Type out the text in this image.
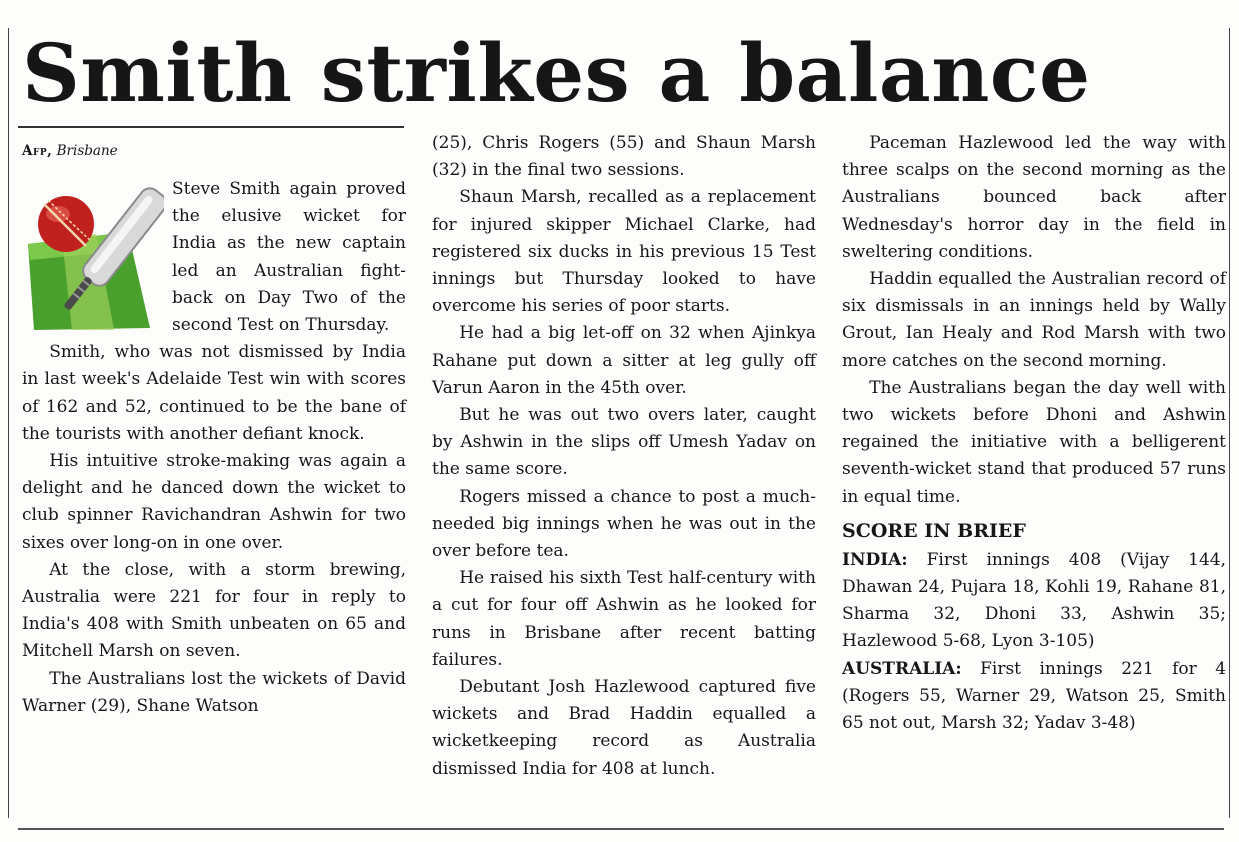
Smith strikes a balance
Afp, Brisbane

Steve Smith again proved the elusive wicket for India as the new captain led an Australian fight-back on Day Two of the second Test on Thursday.

Smith, who was not dismissed by India in last week's Adelaide Test win with scores of 162 and 52, continued to be the bane of the tourists with another defiant knock.

His intuitive stroke-making was again a delight and he danced down the wicket to club spinner Ravichandran Ashwin for two sixes over long-on in one over.

At the close, with a storm brewing, Australia were 221 for four in reply to India's 408 with Smith unbeaten on 65 and Mitchell Marsh on seven.

The Australians lost the wickets of David Warner (29), Shane Watson

(25), Chris Rogers (55) and Shaun Marsh (32) in the final two sessions.

Shaun Marsh, recalled as a replacement for injured skipper Michael Clarke, had registered six ducks in his previous 15 Test innings but Thursday looked to have overcome his series of poor starts.

He had a big let-off on 32 when Ajinkya Rahane put down a sitter at leg gully off Varun Aaron in the 45th over.

But he was out two overs later, caught by Ashwin in the slips off Umesh Yadav on the same score.

Rogers missed a chance to post a much-needed big innings when he was out in the over before tea.

He raised his sixth Test half-century with a cut for four off Ashwin as he looked for runs in Brisbane after recent batting failures.

Debutant Josh Hazlewood captured five wickets and Brad Haddin equalled a wicketkeeping record as Australia dismissed India for 408 at lunch.

Paceman Hazlewood led the way with three scalps on the second morning as the Australians bounced back after Wednesday's horror day in the field in sweltering conditions.

Haddin equalled the Australian record of six dismissals in an innings held by Wally Grout, Ian Healy and Rod Marsh with two more catches on the second morning.

The Australians began the day well with two wickets before Dhoni and Ashwin regained the initiative with a belligerent seventh-wicket stand that produced 57 runs in equal time.

SCORE IN BRIEF

INDIA: First innings 408 (Vijay 144, Dhawan 24, Pujara 18, Kohli 19, Rahane 81, Sharma 32, Dhoni 33, Ashwin 35; Hazlewood 5-68, Lyon 3-105)

AUSTRALIA: First innings 221 for 4 (Rogers 55, Warner 29, Watson 25, Smith 65 not out, Marsh 32; Yadav 3-48)
